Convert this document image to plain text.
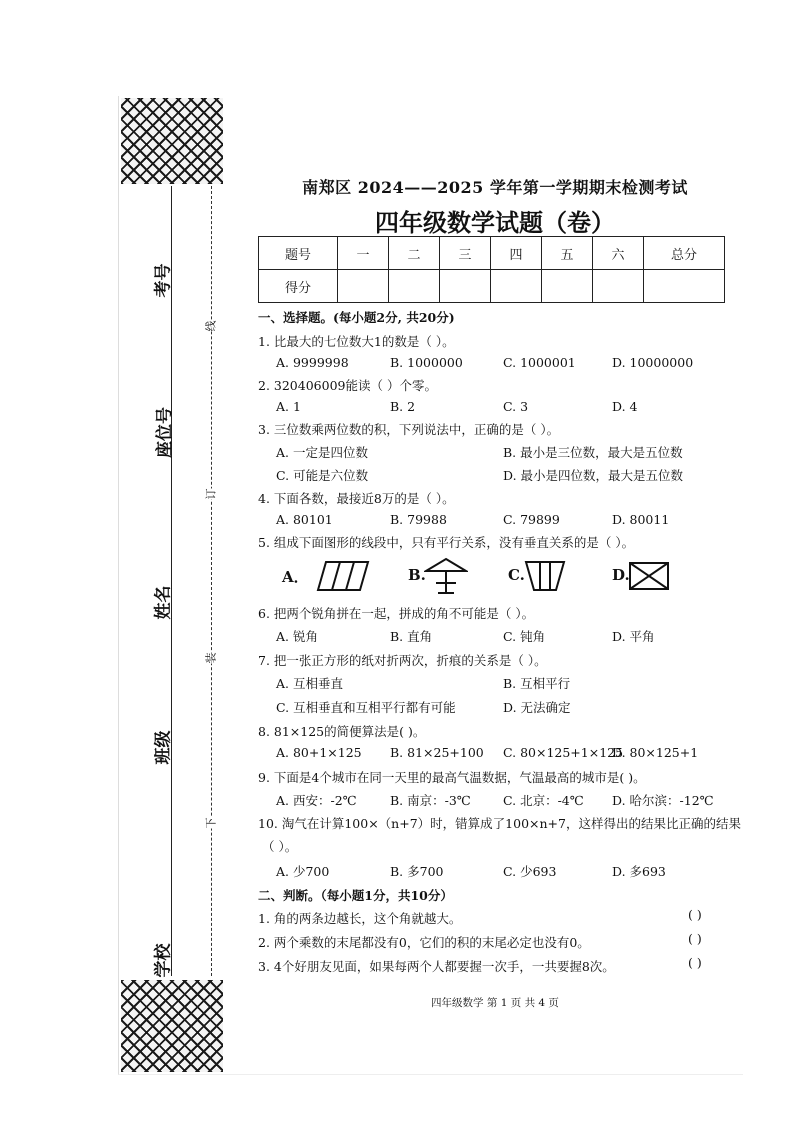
考号
座位号
姓名
班级
学校
线
订
装
下
南郑区 2024——2025 学年第一学期期末检测考试
四年级数学试题（卷）
题号	一	二	三	四	五	六	总分
得分							
一、选择题。(每小题2分, 共20分)
1. 比最大的七位数大1的数是（ ）。
A. 9999998	B. 1000000	C. 1000001	D. 10000000
2. 320406009能读（ ）个零。
A. 1	B. 2	C. 3	D. 4
3. 三位数乘两位数的积，下列说法中，正确的是（ ）。
A. 一定是四位数	B. 最小是三位数，最大是五位数
C. 可能是六位数	D. 最小是四位数，最大是五位数
4. 下面各数，最接近8万的是（ ）。
A. 80101	B. 79988	C. 79899	D. 80011
5. 组成下面图形的线段中，只有平行关系，没有垂直关系的是（ ）。
A．	B.	C.	D.
6. 把两个锐角拼在一起，拼成的角不可能是（ ）。
A. 锐角	B. 直角	C. 钝角	D. 平角
7. 把一张正方形的纸对折两次，折痕的关系是（ ）。
A. 互相垂直	B. 互相平行
C. 互相垂直和互相平行都有可能	D. 无法确定
8. 81×125的简便算法是( )。
A. 80+1×125 B. 81×25+100 C. 80×125+1×125
D. 80×125+1
9. 下面是4个城市在同一天里的最高气温数据，气温最高的城市是( )。
A. 西安：-2℃	B. 南京：-3℃	C. 北京：-4℃ D. 哈尔滨：-12℃
10. 淘气在计算100×（n+7）时，错算成了100×n+7，这样得出的结果比正确的结果
（ ）。
A. 少700	B. 多700	C. 少693	D. 多693
二、判断。（每小题1分，共10分）
1. 角的两条边越长，这个角就越大。	( )
2. 两个乘数的末尾都没有0，它们的积的末尾必定也没有0。	( )
3. 4个好朋友见面，如果每两个人都要握一次手，一共要握8次。	( )
四年级数学 第 1 页 共 4 页
